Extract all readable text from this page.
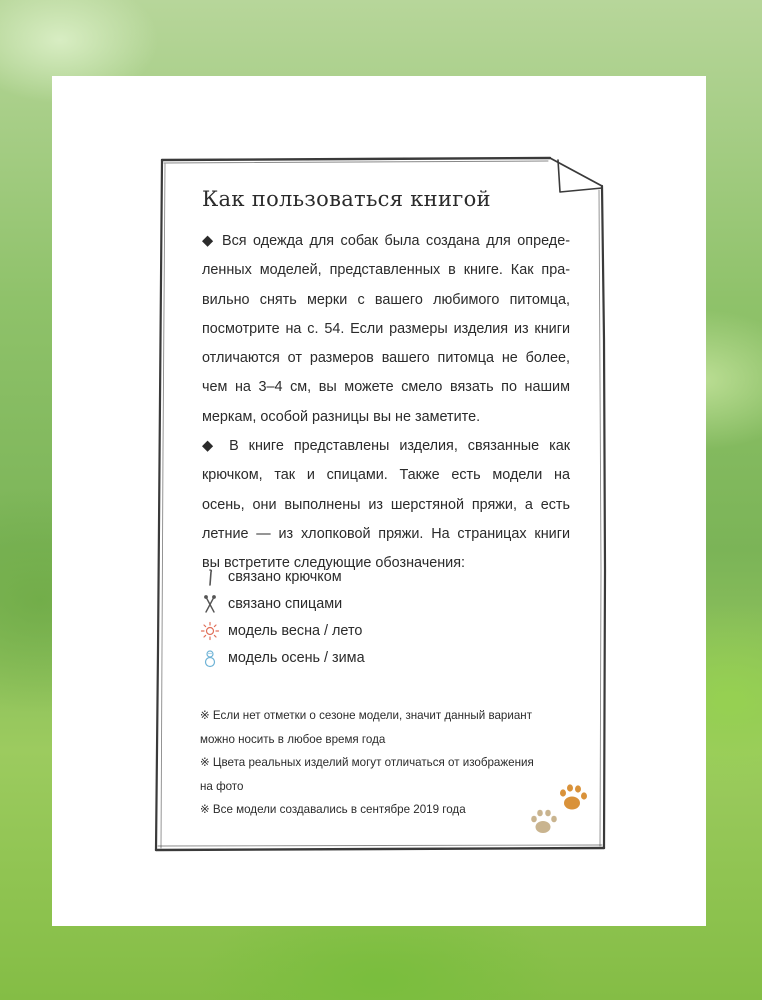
Как пользоваться книгой

◆ Вся одежда для собак была создана для опреде-
ленных моделей, представленных в книге. Как пра-
вильно снять мерки с вашего любимого питомца,
посмотрите на с. 54. Если размеры изделия из книги
отличаются от размеров вашего питомца не более,
чем на 3–4 см, вы можете смело вязать по нашим
меркам, особой разницы вы не заметите.

◆ В книге представлены изделия, связанные как
крючком, так и спицами. Также есть модели на
осень, они выполнены из шерстяной пряжи, а есть
летние — из хлопковой пряжи. На страницах книги
вы встретите следующие обозначения:

связано крючком
связано спицами
модель весна / лето
модель осень / зима
※ Если нет отметки о сезоне модели, значит данный вариант
можно носить в любое время года
※ Цвета реальных изделий могут отличаться от изображения
на фото
※ Все модели создавались в сентябре 2019 года
